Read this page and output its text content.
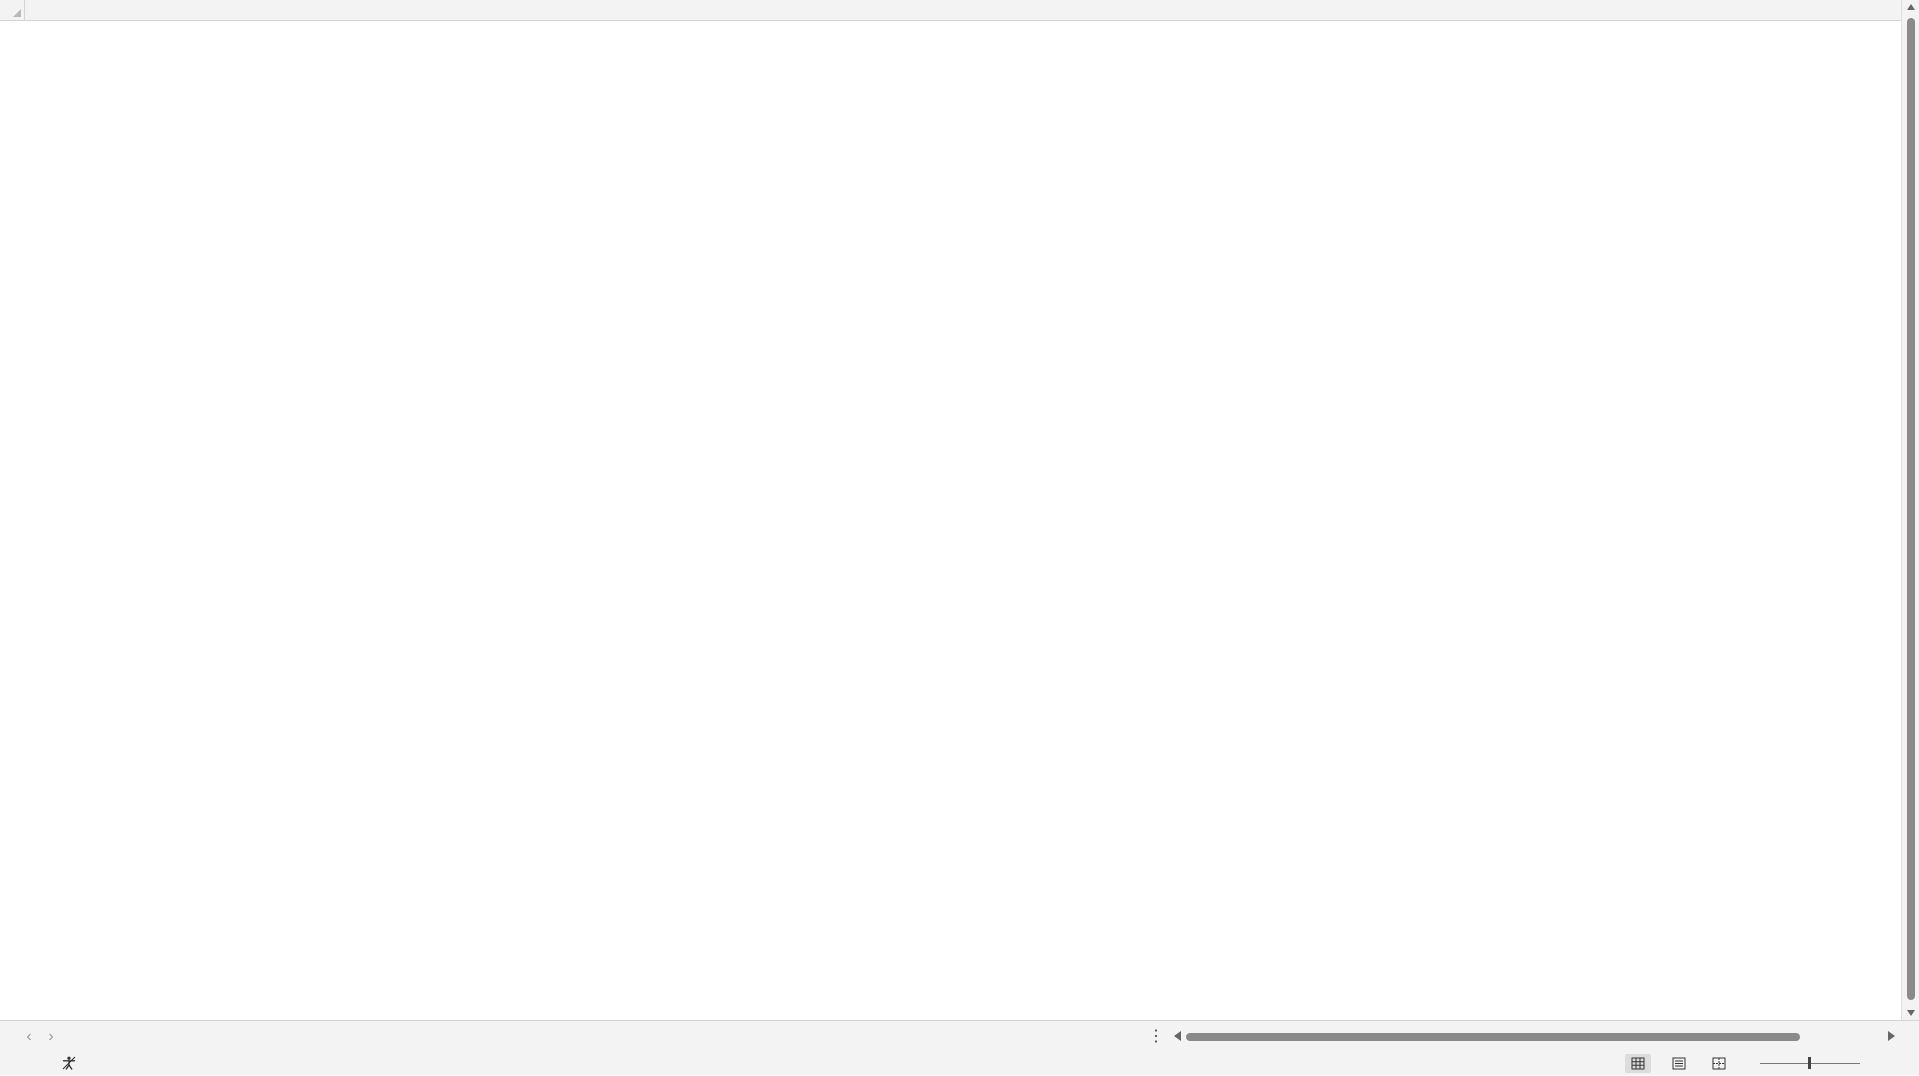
‹	›	⋮
